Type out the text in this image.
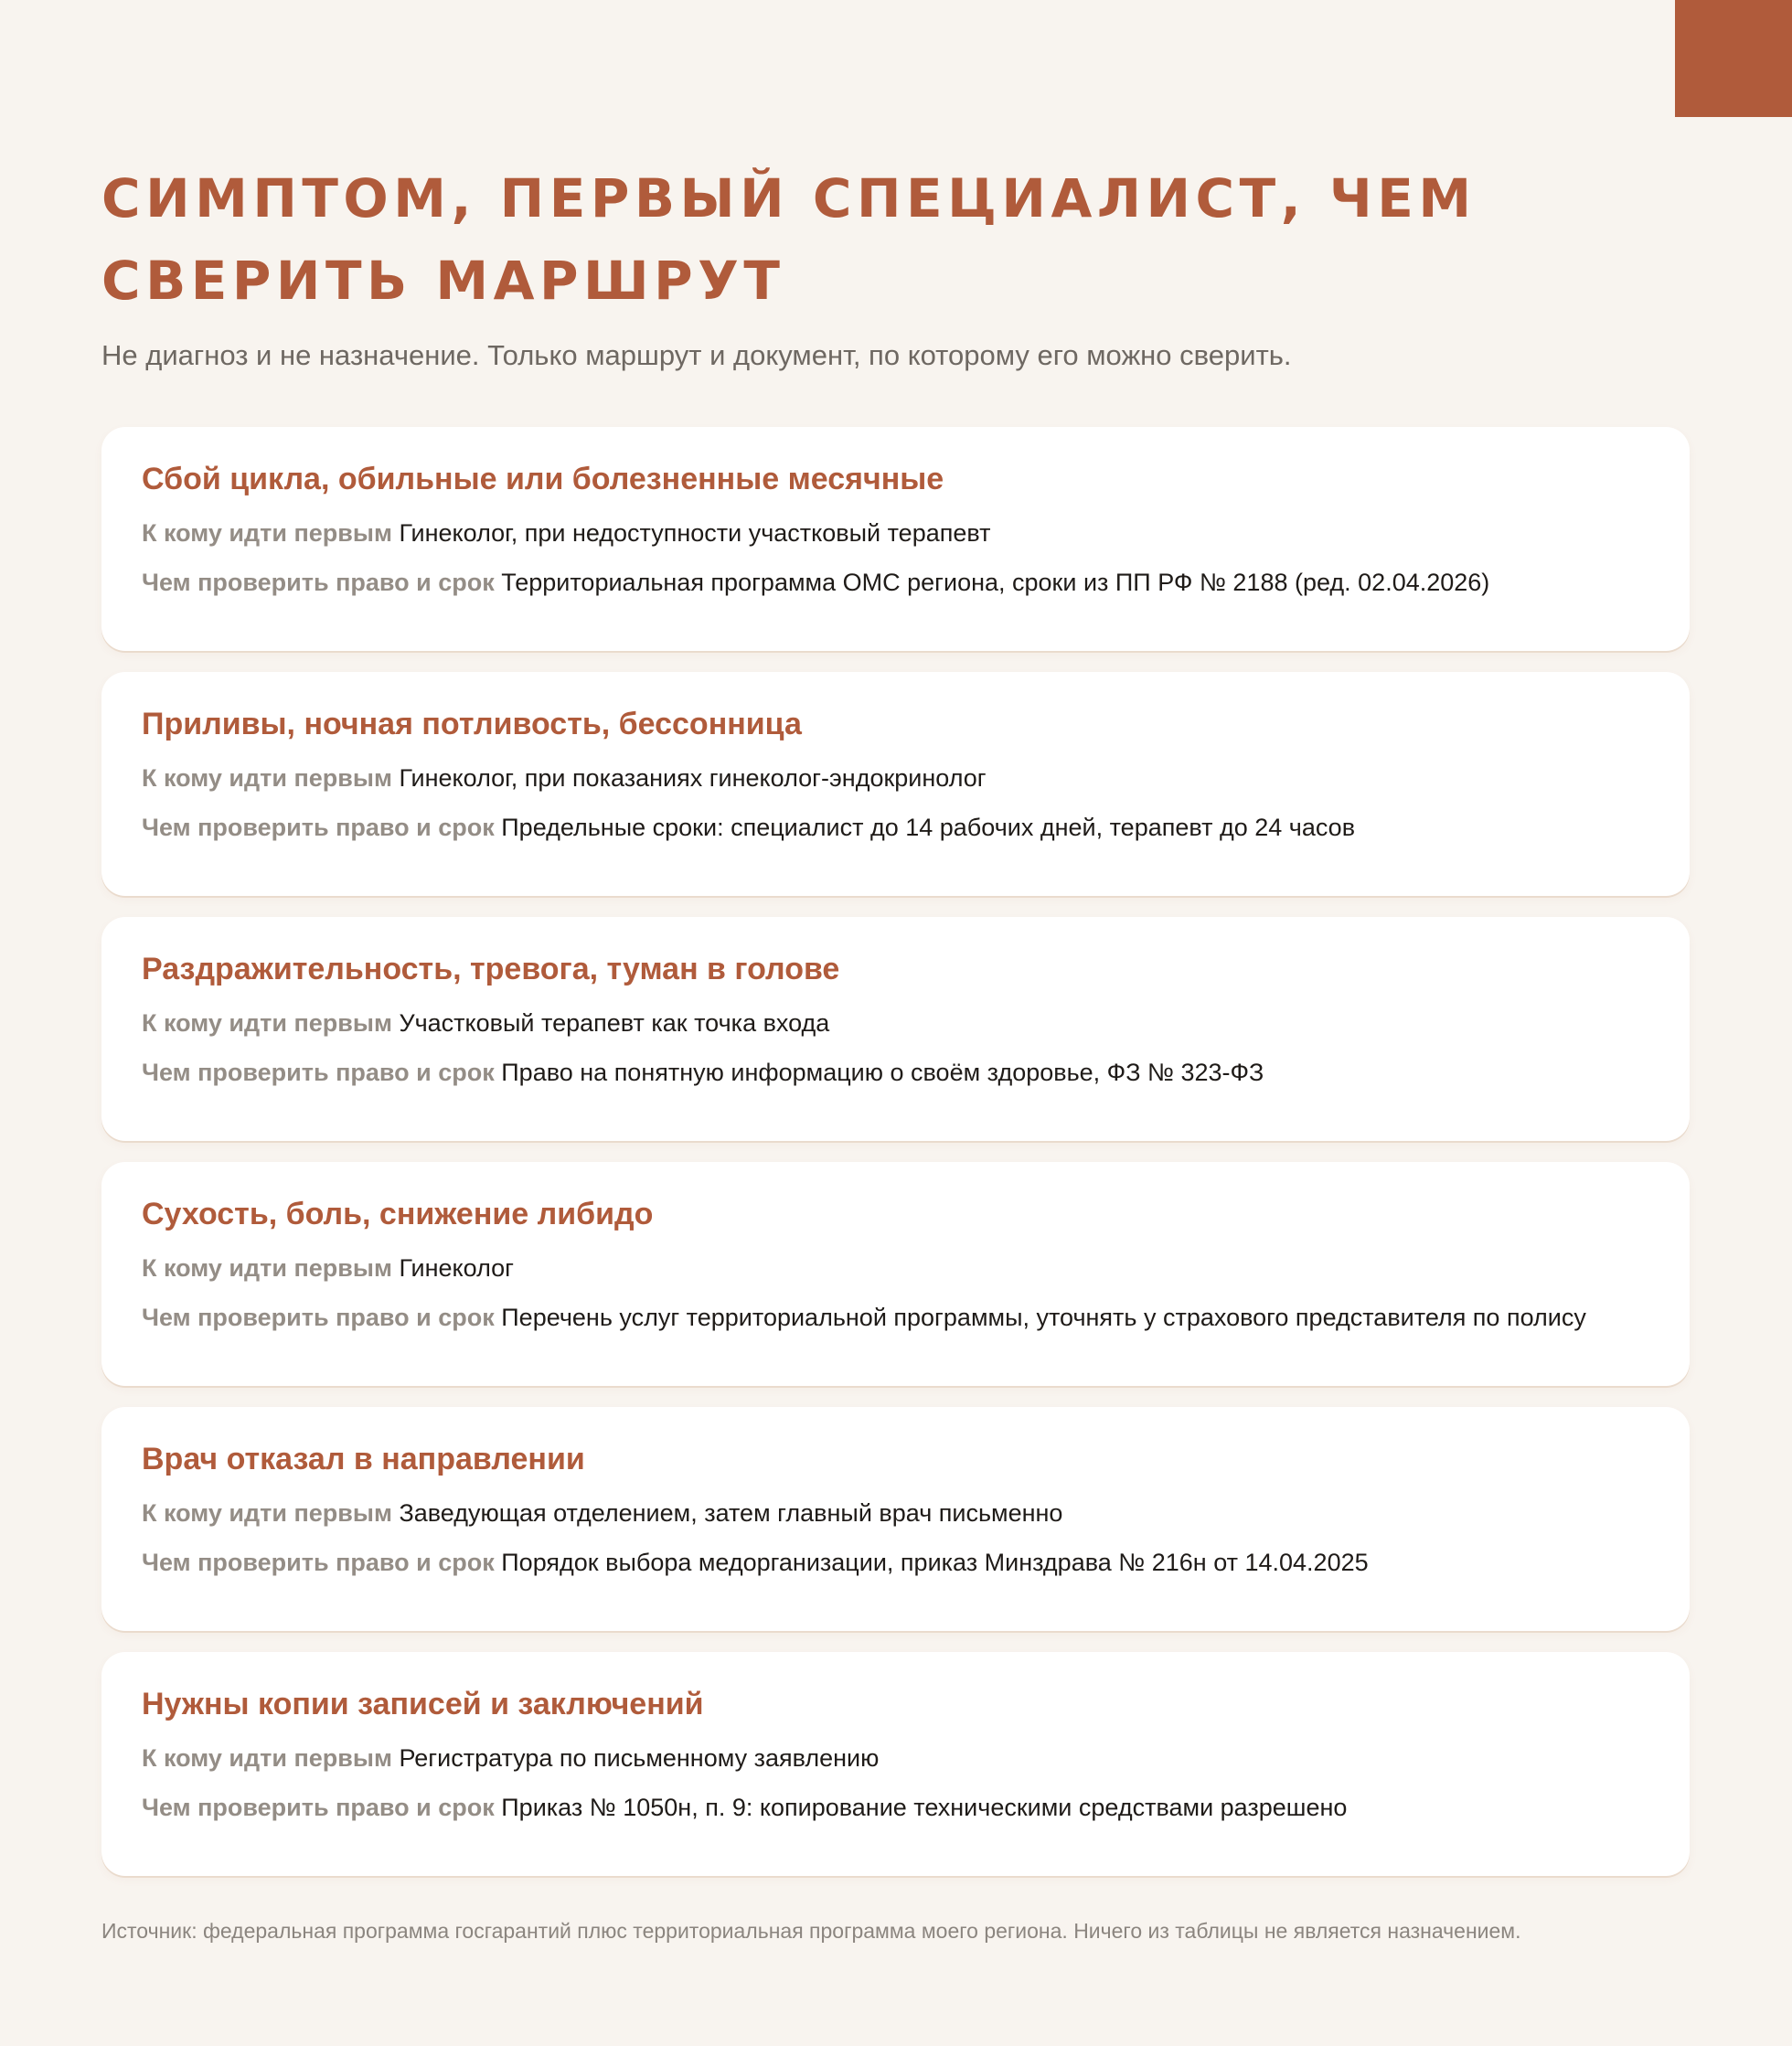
СИМПТОМ, ПЕРВЫЙ СПЕЦИАЛИСТ, ЧЕМ СВЕРИТЬ МАРШРУТ

Не диагноз и не назначение. Только маршрут и документ, по которому его можно сверить.

Сбой цикла, обильные или болезненные месячные

К кому идти первым Гинеколог, при недоступности участковый терапевт

Чем проверить право и срок Территориальная программа ОМС региона, сроки из ПП РФ № 2188 (ред. 02.04.2026)

Приливы, ночная потливость, бессонница

К кому идти первым Гинеколог, при показаниях гинеколог-эндокринолог

Чем проверить право и срок Предельные сроки: специалист до 14 рабочих дней, терапевт до 24 часов

Раздражительность, тревога, туман в голове

К кому идти первым Участковый терапевт как точка входа

Чем проверить право и срок Право на понятную информацию о своём здоровье, ФЗ № 323-ФЗ

Сухость, боль, снижение либидо

К кому идти первым Гинеколог

Чем проверить право и срок Перечень услуг территориальной программы, уточнять у страхового представителя по полису

Врач отказал в направлении

К кому идти первым Заведующая отделением, затем главный врач письменно

Чем проверить право и срок Порядок выбора медорганизации, приказ Минздрава № 216н от 14.04.2025

Нужны копии записей и заключений

К кому идти первым Регистратура по письменному заявлению

Чем проверить право и срок Приказ № 1050н, п. 9: копирование техническими средствами разрешено

Источник: федеральная программа госгарантий плюс территориальная программа моего региона. Ничего из таблицы не является назначением.
